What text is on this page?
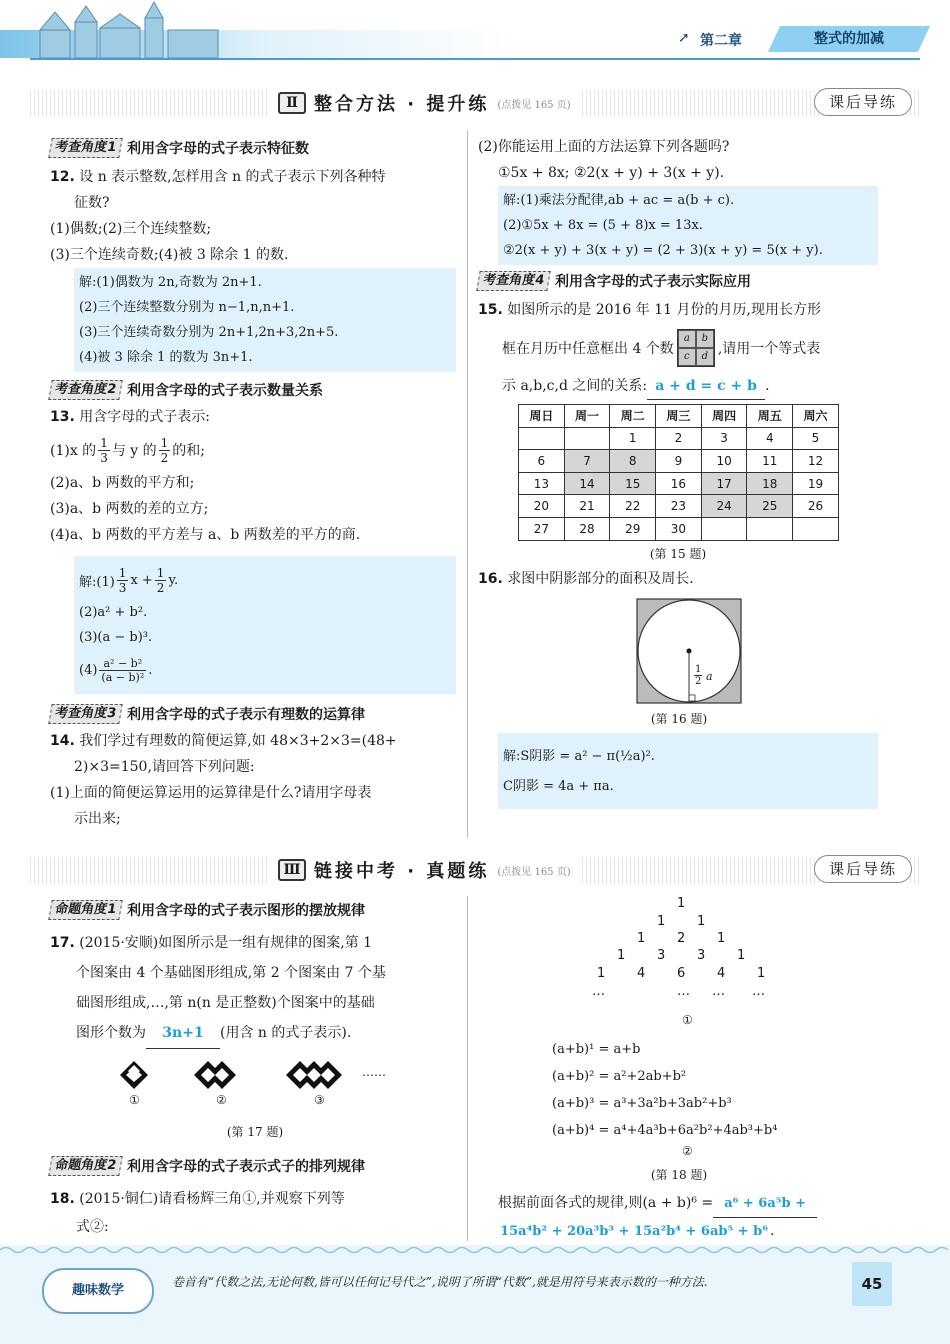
➚ 第二章	整式的加减
Ⅱ 整合方法 · 提升练 (点拨见 165 页)	课后导练
考查角度1 利用含字母的式子表示特征数

12. 设 n 表示整数,怎样用含 n 的式子表示下列各种特

征数?

(1)偶数;(2)三个连续整数;

(3)三个连续奇数;(4)被 3 除余 1 的数.

解:(1)偶数为 2n,奇数为 2n+1.
(2)三个连续整数分别为 n−1,n,n+1.
(3)三个连续奇数分别为 2n+1,2n+3,2n+5.
(4)被 3 除余 1 的数为 3n+1.
考查角度2 利用含字母的式子表示数量关系

13. 用含字母的式子表示:

(1)x 的 $\frac{1}{3}$ 与 y 的 $\frac{1}{2}$ 的和;

(2)a、b 两数的平方和;

(3)a、b 两数的差的立方;

(4)a、b 两数的平方差与 a、b 两数差的平方的商.

解:(1) $\frac{1}{3}$ $x + \frac{1}{2} y$.
(2)a² + b².
(3)(a − b)³.
$(4) \frac{\text{a² − b²}}{\text{(a − b)²}}$ .
考查角度3 利用含字母的式子表示有理数的运算律

14. 我们学过有理数的简便运算,如 48×3+2×3=(48+

2)×3=150,请回答下列问题:

(1)上面的简便运算运用的运算律是什么?请用字母表

示出来;

(2)你能运用上面的方法运算下列各题吗?

①5x + 8x; ②2(x + y) + 3(x + y).

解:(1)乘法分配律,ab + ac = a(b + c).
(2)①5x + 8x = (5 + 8)x = 13x.
②2(x + y) + 3(x + y) = (2 + 3)(x + y) = 5(x + y).
考查角度4 利用含字母的式子表示实际应用

15. 如图所示的是 2016 年 11 月份的月历,现用长方形

框在月历中任意框出 4 个数
a	b
c	d ,请用一个等式表

示 a,b,c,d 之间的关系: a + d = c + b .

周日	周一	周二	周三	周四	周五	周六
		1	2	3	4	5
6	7	8	9	10	11	12
13	14	15	16	17	18	19
20	21	22	23	24	25	26
27	28	29	30			
(第 15 题)

16. 求图中阴影部分的面积及周长.

$\frac{1}{2}$ a
(第 16 题)
解:S阴影 = a² − π(½a)².
C阴影 = 4a + πa.
Ⅲ 链接中考 · 真题练 (点拨见 165 页)	课后导练
命题角度1 利用含字母的式子表示图形的摆放规律

17. (2015·安顺)如图所示是一组有规律的图案,第 1

个图案由 4 个基础图形组成,第 2 个图案由 7 个基

础图形组成,…,第 n(n 是正整数)个图案中的基础

图形个数为 3n+1 (用含 n 的式子表示).

……
①	②	③
(第 17 题)
命题角度2 利用含字母的式子表示式子的排列规律

18. (2015·铜仁)请看杨辉三角①,并观察下列等

式②:

1
1 1
1 2 1
1 3 3 1
1 4 6 4 1
…	… … …
①
(a+b)¹ = a+b
(a+b)² = a²+2ab+b²
(a+b)³ = a³+3a²b+3ab²+b³
(a+b)⁴ = a⁴+4a³b+6a²b²+4ab³+b⁴
②
(第 18 题)

根据前面各式的规律,则(a + b)⁶ = a⁶ + 6a⁵b +

15a⁴b² + 20a³b³ + 15a²b⁴ + 6ab⁵ + b⁶ .

趣味数学
卷首有“代数之法,无论何数,皆可以任何记号代之”,说明了所谓“代数”,就是用符号来表示数的一种方法.	45
